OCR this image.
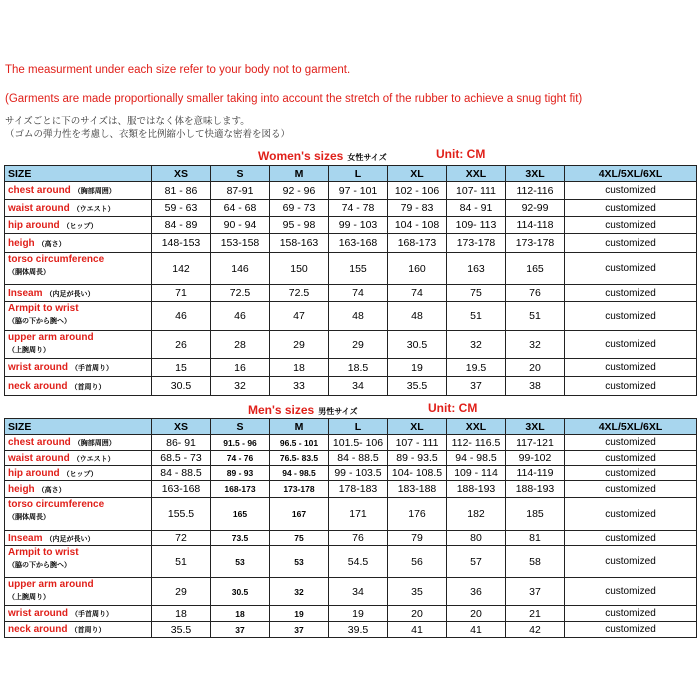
The measurment under each size refer to your body not to garment.
(Garments are made proportionally smaller taking into account the stretch of the rubber to achieve a snug tight fit)
サイズごとに下のサイズは、服ではなく体を意味します。
（ゴムの弾力性を考慮し、衣類を比例縮小して快適な密着を図る）
Women's sizes 女性サイズ	Unit: CM
SIZE	XS	S	M	L	XL	XXL	3XL	4XL/5XL/6XL
chest around （胸部周囲）	81 - 86	87-91	92 - 96	97 - 101	102 - 106	107- 111	112-116	customized
waist around （ウエスト）	59 - 63	64 - 68	69 - 73	74 - 78	79 - 83	84 - 91	92-99	customized
hip around （ヒップ）	84 - 89	90 - 94	95 - 98	99 - 103	104 - 108	109- 113	114-118	customized
heigh （高さ）	148-153	153-158	158-163	163-168	168-173	173-178	173-178	customized
torso circumference
（胴体周長）	142	146	150	155	160	163	165	customized
Inseam （内足が長い）	71	72.5	72.5	74	74	75	76	customized
Armpit to wrist
（脇の下から腕へ）	46	46	47	48	48	51	51	customized
upper arm around
（上腕周り）	26	28	29	29	30.5	32	32	customized
wrist around （手首周り）	15	16	18	18.5	19	19.5	20	customized
neck around （首周り）	30.5	32	33	34	35.5	37	38	customized
Men's sizes 男性サイズ	Unit: CM
SIZE	XS	S	M	L	XL	XXL	3XL	4XL/5XL/6XL
chest around （胸部周囲）	86- 91	91.5 - 96	96.5 - 101	101.5- 106	107 - 111	112- 116.5	117-121	customized
waist around （ウエスト）	68.5 - 73	74 - 76	76.5- 83.5	84 - 88.5	89 - 93.5	94 - 98.5	99-102	customized
hip around （ヒップ）	84 - 88.5	89 - 93	94 - 98.5	99 - 103.5	104- 108.5	109 - 114	114-119	customized
heigh （高さ）	163-168	168-173	173-178	178-183	183-188	188-193	188-193	customized
torso circumference
（胴体周長）	155.5	165	167	171	176	182	185	customized
Inseam （内足が長い）	72	73.5	75	76	79	80	81	customized
Armpit to wrist
（脇の下から腕へ）	51	53	53	54.5	56	57	58	customized
upper arm around
（上腕周り）	29	30.5	32	34	35	36	37	customized
wrist around （手首周り）	18	18	19	19	20	20	21	customized
neck around （首周り）	35.5	37	37	39.5	41	41	42	customized
